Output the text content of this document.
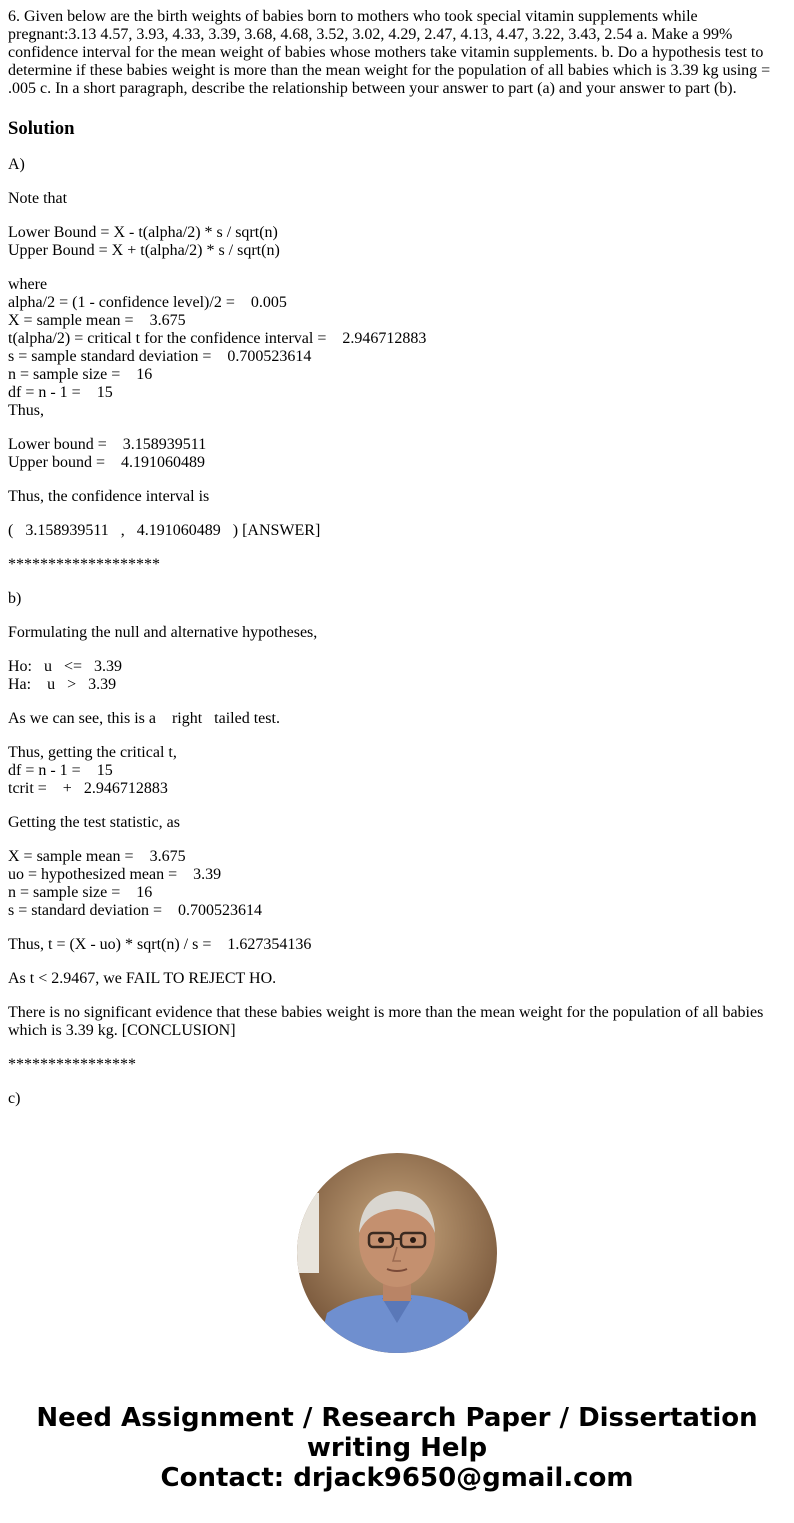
6. Given below are the birth weights of babies born to mothers who took special vitamin supplements while pregnant:3.13 4.57, 3.93, 4.33, 3.39, 3.68, 4.68, 3.52, 3.02, 4.29, 2.47, 4.13, 4.47, 3.22, 3.43, 2.54 a. Make a 99% confidence interval for the mean weight of babies whose mothers take vitamin supplements. b. Do a hypothesis test to determine if these babies weight is more than the mean weight for the population of all babies which is 3.39 kg using = .005 c. In a short paragraph, describe the relationship between your answer to part (a) and your answer to part (b).

Solution

A)

Note that

Lower Bound = X - t(alpha/2) * s / sqrt(n)
Upper Bound = X + t(alpha/2) * s / sqrt(n)

where
alpha/2 = (1 - confidence level)/2 =    0.005
X = sample mean =    3.675
t(alpha/2) = critical t for the confidence interval =    2.946712883
s = sample standard deviation =    0.700523614
n = sample size =    16
df = n - 1 =    15
Thus,

Lower bound =    3.158939511
Upper bound =    4.191060489

Thus, the confidence interval is

(   3.158939511   ,   4.191060489   ) [ANSWER]

*******************

b)

Formulating the null and alternative hypotheses,

Ho:   u   <=   3.39
Ha:    u   >   3.39

As we can see, this is a    right   tailed test.

Thus, getting the critical t,
df = n - 1 =    15
tcrit =    +   2.946712883

Getting the test statistic, as

X = sample mean =    3.675
uo = hypothesized mean =    3.39
n = sample size =    16
s = standard deviation =    0.700523614

Thus, t = (X - uo) * sqrt(n) / s =    1.627354136

As t < 2.9467, we FAIL TO REJECT HO.

There is no significant evidence that these babies weight is more than the mean weight for the population of all babies which is 3.39 kg. [CONCLUSION]

****************

c)

Need Assignment / Research Paper / Dissertation
writing Help
Contact: drjack9650@gmail.com
